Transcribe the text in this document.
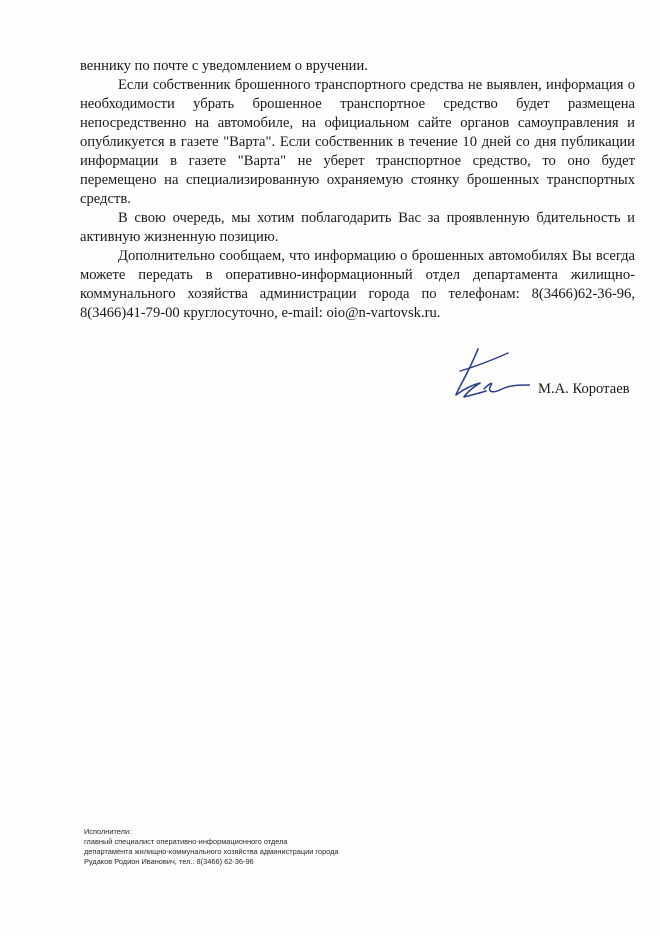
веннику по почте с уведомлением о вручении.

Если собственник брошенного транспортного средства не выявлен, информация о необходимости убрать брошенное транспортное средство будет размещена непосредственно на автомобиле, на официальном сайте органов самоуправления и опубликуется в газете "Варта". Если собственник в течение 10 дней со дня публикации информации в газете "Варта" не уберет транспортное средство, то оно будет перемещено на специализированную охраняемую стоянку брошенных транспортных средств.

В свою очередь, мы хотим поблагодарить Вас за проявленную бдительность и активную жизненную позицию.

Дополнительно сообщаем, что информацию о брошенных автомобилях Вы всегда можете передать в оперативно-информационный отдел департамента жилищно-коммунального хозяйства администрации города по телефонам: 8(3466)62-36-96, 8(3466)41-79-00 круглосуточно, e-mail: oio@n-vartovsk.ru.

М.А. Коротаев
Исполнители:
главный специалист оперативно-информационного отдела
департамента жилищно-коммунального хозяйства администрации города
Рудаков Родион Иванович, тел.: 8(3466) 62-36-96
